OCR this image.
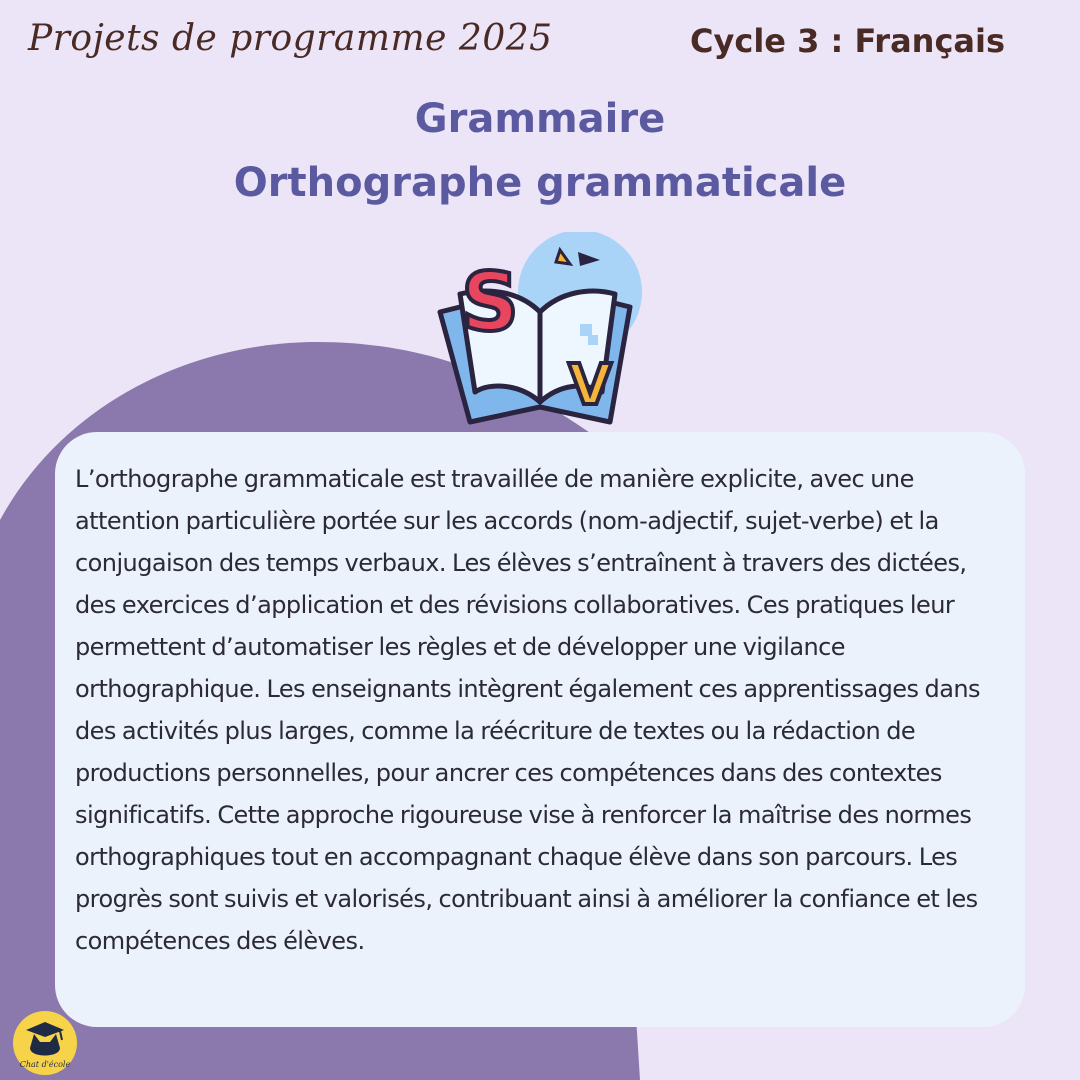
Projets de programme 2025	Cycle 3 : Français
Grammaire
Orthographe grammaticale
S
V

L’orthographe grammaticale est travaillée de manière explicite, avec une attention particulière portée sur les accords (nom-adjectif, sujet-verbe) et la conjugaison des temps verbaux. Les élèves s’entraînent à travers des dictées, des exercices d’application et des révisions collaboratives. Ces pratiques leur permettent d’automatiser les règles et de développer une vigilance orthographique. Les enseignants intègrent également ces apprentissages dans des activités plus larges, comme la réécriture de textes ou la rédaction de productions personnelles, pour ancrer ces compétences dans des contextes significatifs. Cette approche rigoureuse vise à renforcer la maîtrise des normes orthographiques tout en accompagnant chaque élève dans son parcours. Les progrès sont suivis et valorisés, contribuant ainsi à améliorer la confiance et les compétences des élèves.

Chat d'école
